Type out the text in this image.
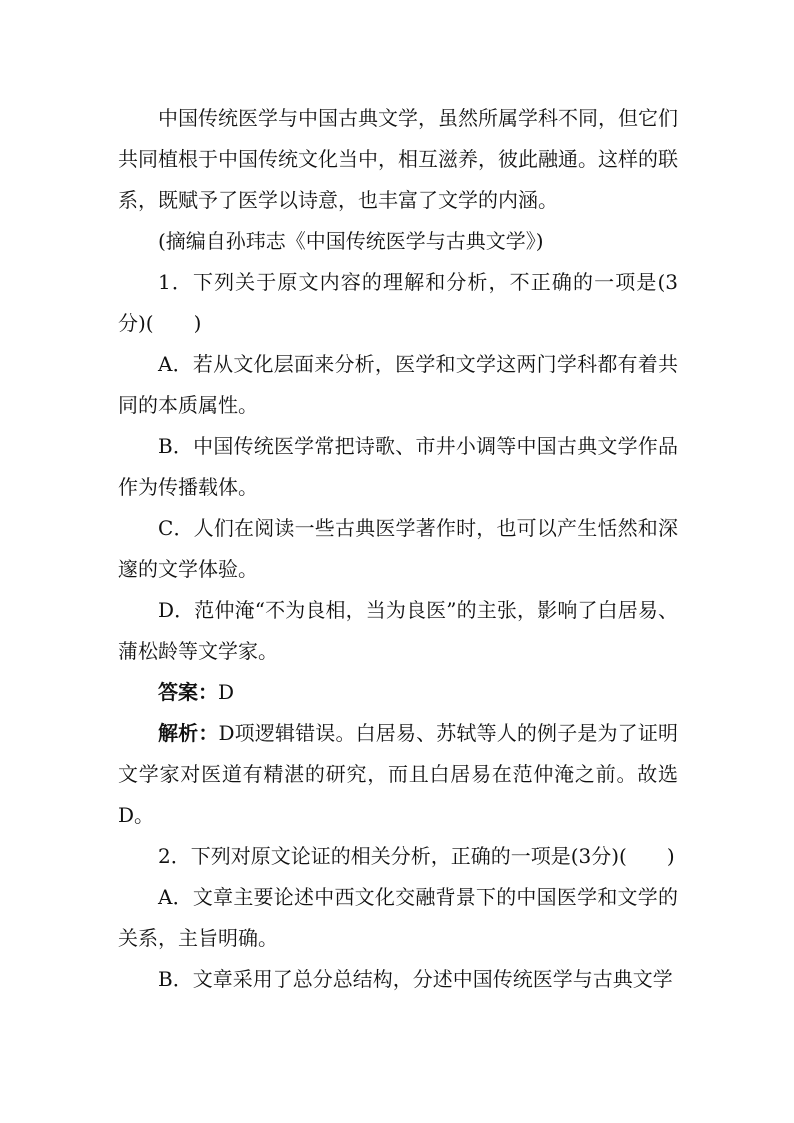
中国传统医学与中国古典文学，虽然所属学科不同，但它们共同植根于中国传统文化当中，相互滋养，彼此融通。这样的联系，既赋予了医学以诗意，也丰富了文学的内涵。

(摘编自孙玮志《中国传统医学与古典文学》)

1．下列关于原文内容的理解和分析，不正确的一项是(3分)(　　)

A．若从文化层面来分析，医学和文学这两门学科都有着共同的本质属性。

B．中国传统医学常把诗歌、市井小调等中国古典文学作品作为传播载体。

C．人们在阅读一些古典医学著作时，也可以产生恬然和深邃的文学体验。

D．范仲淹“不为良相，当为良医”的主张，影响了白居易、蒲松龄等文学家。

答案：D

解析：D项逻辑错误。白居易、苏轼等人的例子是为了证明文学家对医道有精湛的研究，而且白居易在范仲淹之前。故选D。

2．下列对原文论证的相关分析，正确的一项是(3分)(　　)

A．文章主要论述中西文化交融背景下的中国医学和文学的关系，主旨明确。

B．文章采用了总分总结构，分述中国传统医学与古典文学
